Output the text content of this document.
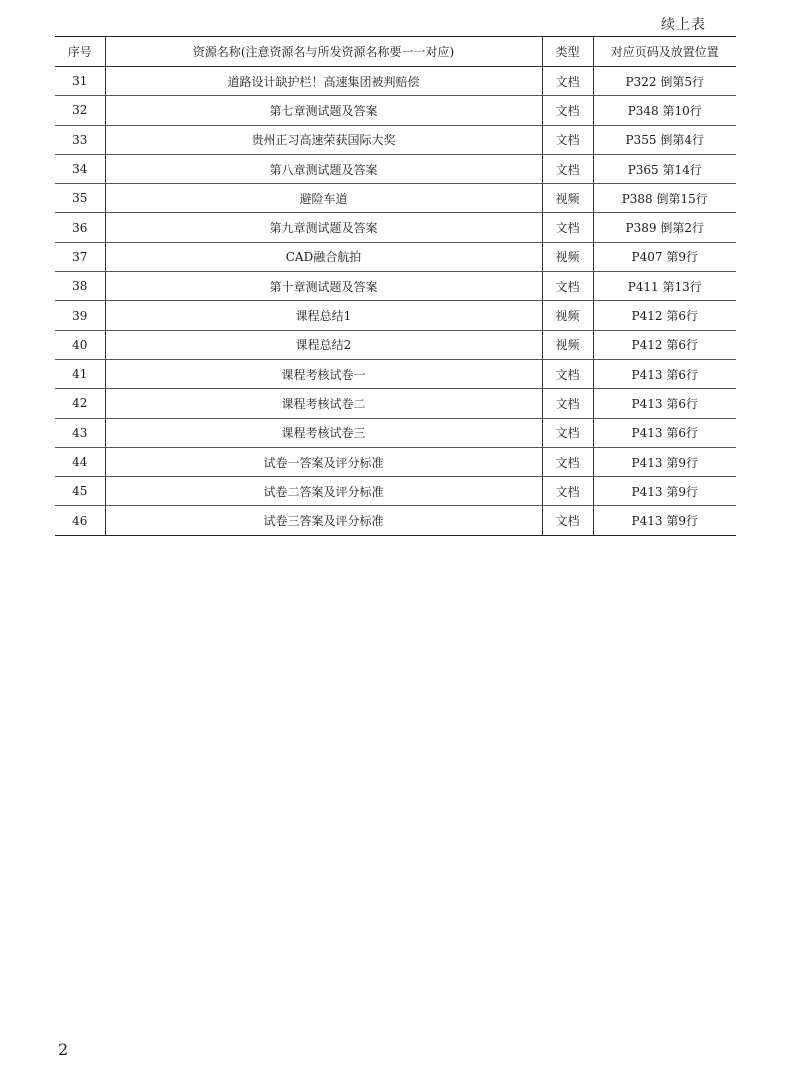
续上表
序号	资源名称(注意资源名与所发资源名称要一一对应)	类型	对应页码及放置位置
31	道路设计缺护栏！高速集团被判赔偿	文档	P322 倒第5行
32	第七章测试题及答案	文档	P348 第10行
33	贵州正习高速荣获国际大奖	文档	P355 倒第4行
34	第八章测试题及答案	文档	P365 第14行
35	避险车道	视频	P388 倒第15行
36	第九章测试题及答案	文档	P389 倒第2行
37	CAD融合航拍	视频	P407 第9行
38	第十章测试题及答案	文档	P411 第13行
39	课程总结1	视频	P412 第6行
40	课程总结2	视频	P412 第6行
41	课程考核试卷一	文档	P413 第6行
42	课程考核试卷二	文档	P413 第6行
43	课程考核试卷三	文档	P413 第6行
44	试卷一答案及评分标准	文档	P413 第9行
45	试卷二答案及评分标准	文档	P413 第9行
46	试卷三答案及评分标准	文档	P413 第9行
2
